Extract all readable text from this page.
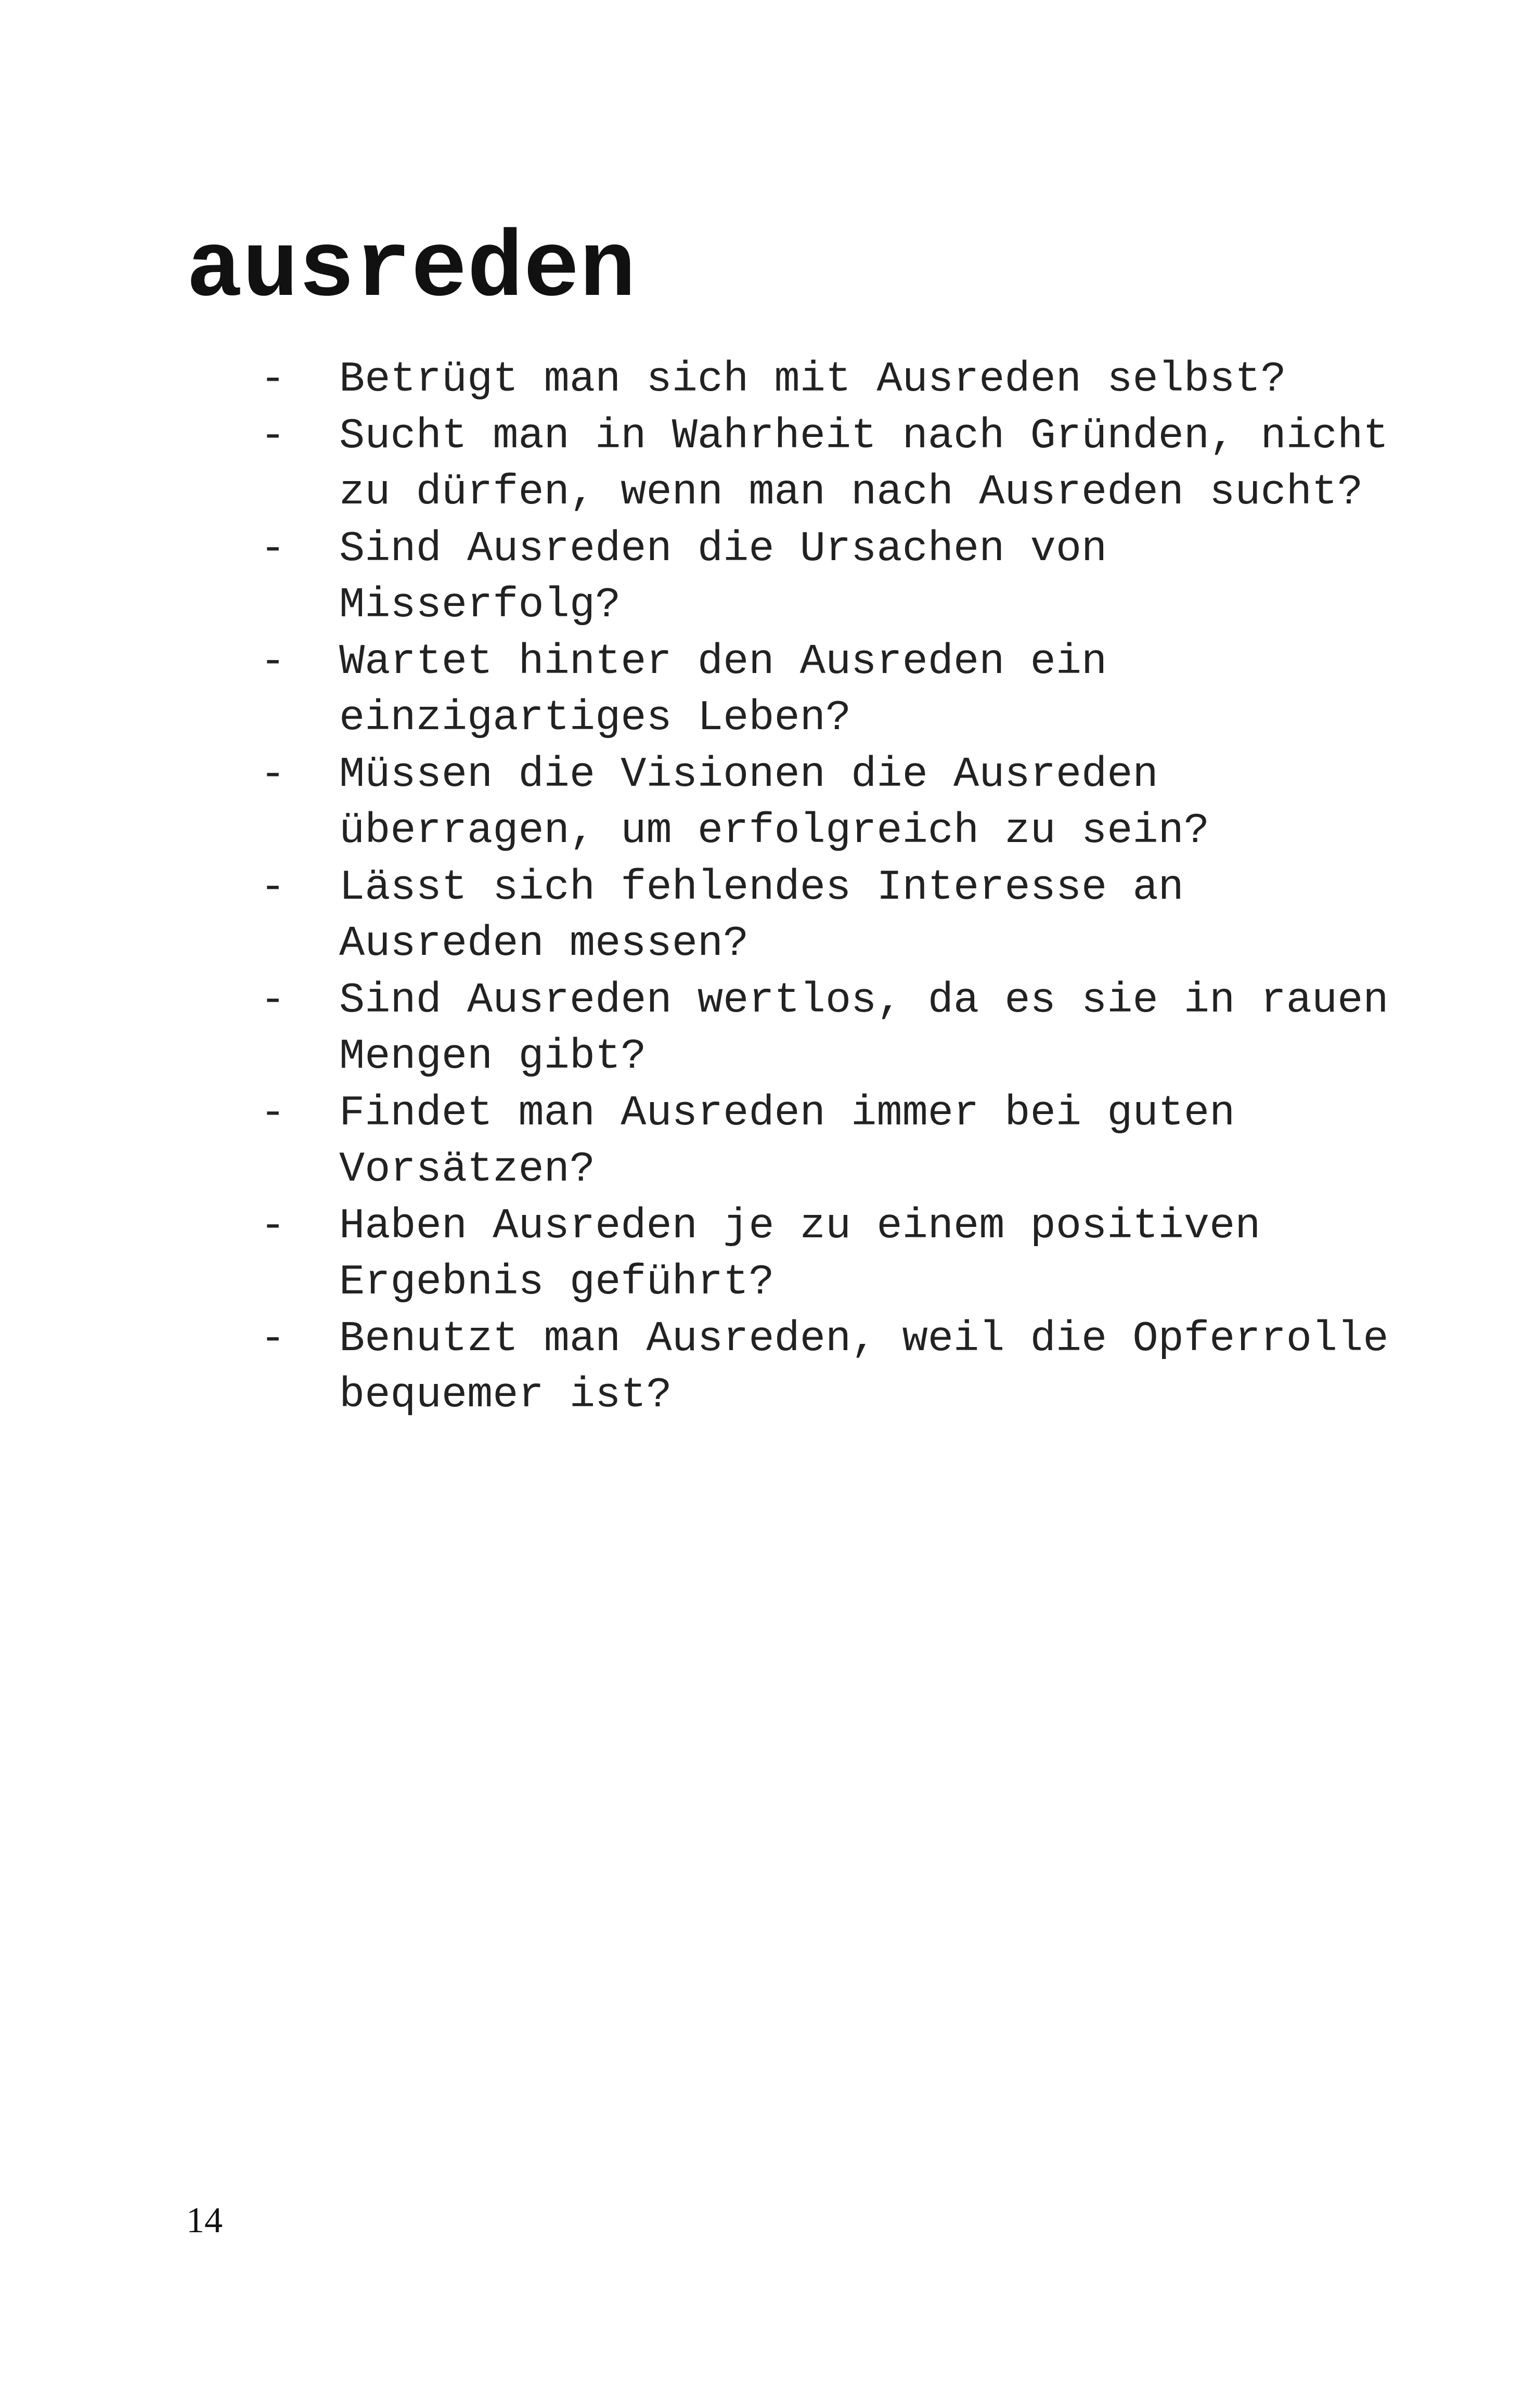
ausreden
- Betrügt man sich mit Ausreden selbst?
- Sucht man in Wahrheit nach Gründen, nicht zu dürfen, wenn man nach Ausreden sucht?
- Sind Ausreden die Ursachen von Misserfolg?
- Wartet hinter den Ausreden ein einzigartiges Leben?
- Müssen die Visionen die Ausreden überragen, um erfolgreich zu sein?
- Lässt sich fehlendes Interesse an Ausreden messen?
- Sind Ausreden wertlos, da es sie in rauen Mengen gibt?
- Findet man Ausreden immer bei guten Vorsätzen?
- Haben Ausreden je zu einem positiven Ergebnis geführt?
- Benutzt man Ausreden, weil die Opferrolle bequemer ist?
14
